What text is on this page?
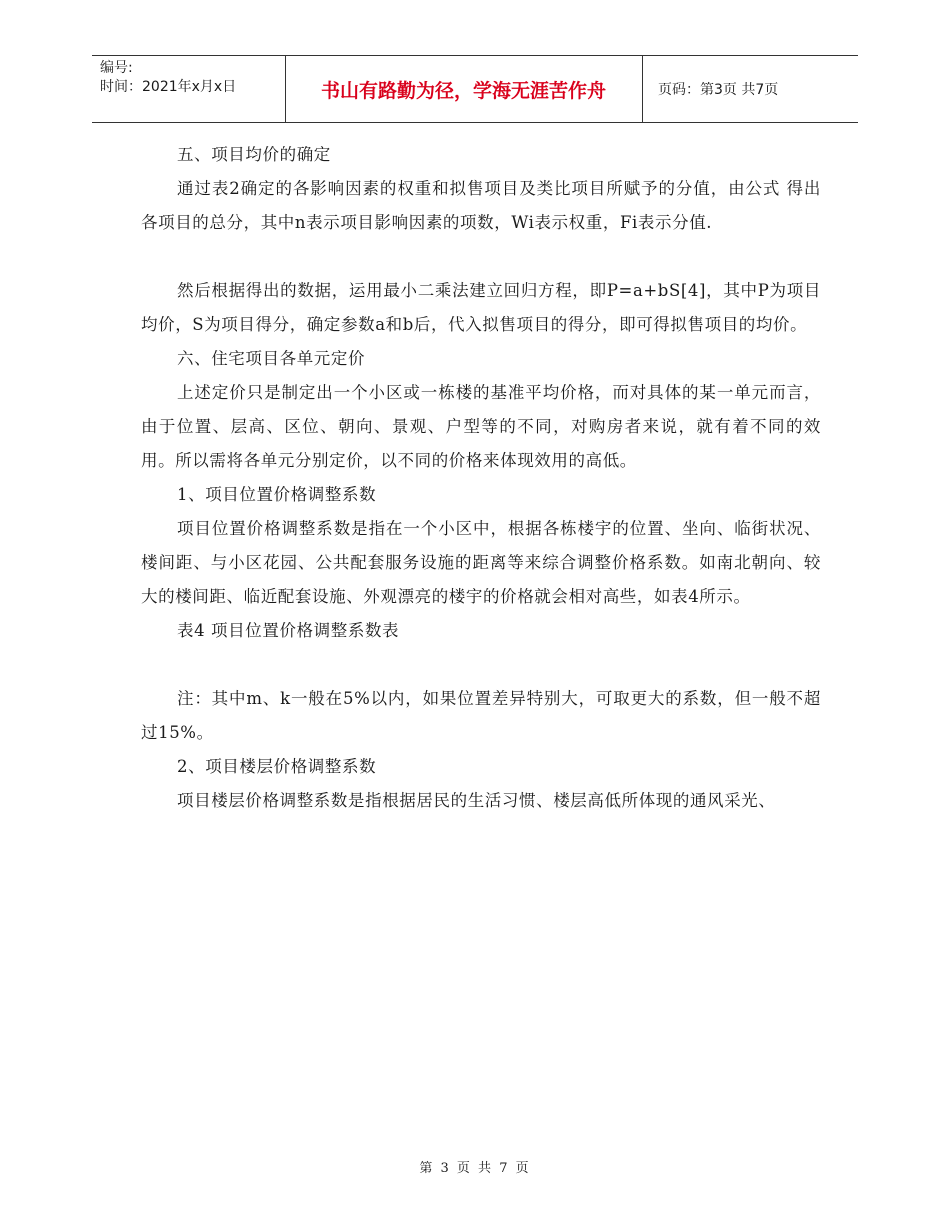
编号:
时间：2021年x月x日	书山有路勤为径，学海无涯苦作舟	页码：第3页 共7页
五、项目均价的确定

通过表2确定的各影响因素的权重和拟售项目及类比项目所赋予的分值，由公式 得出各项目的总分，其中n表示项目影响因素的项数，Wi表示权重，Fi表示分值.

然后根据得出的数据，运用最小二乘法建立回归方程，即P=a+bS[4]，其中P为项目均价，S为项目得分，确定参数a和b后，代入拟售项目的得分，即可得拟售项目的均价。

六、住宅项目各单元定价

上述定价只是制定出一个小区或一栋楼的基准平均价格，而对具体的某一单元而言，由于位置、层高、区位、朝向、景观、户型等的不同，对购房者来说，就有着不同的效用。所以需将各单元分别定价，以不同的价格来体现效用的高低。

1、项目位置价格调整系数

项目位置价格调整系数是指在一个小区中，根据各栋楼宇的位置、坐向、临街状况、楼间距、与小区花园、公共配套服务设施的距离等来综合调整价格系数。如南北朝向、较大的楼间距、临近配套设施、外观漂亮的楼宇的价格就会相对高些，如表4所示。

表4 项目位置价格调整系数表

注：其中m、k一般在5%以内，如果位置差异特别大，可取更大的系数，但一般不超过15%。

2、项目楼层价格调整系数

项目楼层价格调整系数是指根据居民的生活习惯、楼层高低所体现的通风采光、

第 3 页 共 7 页
